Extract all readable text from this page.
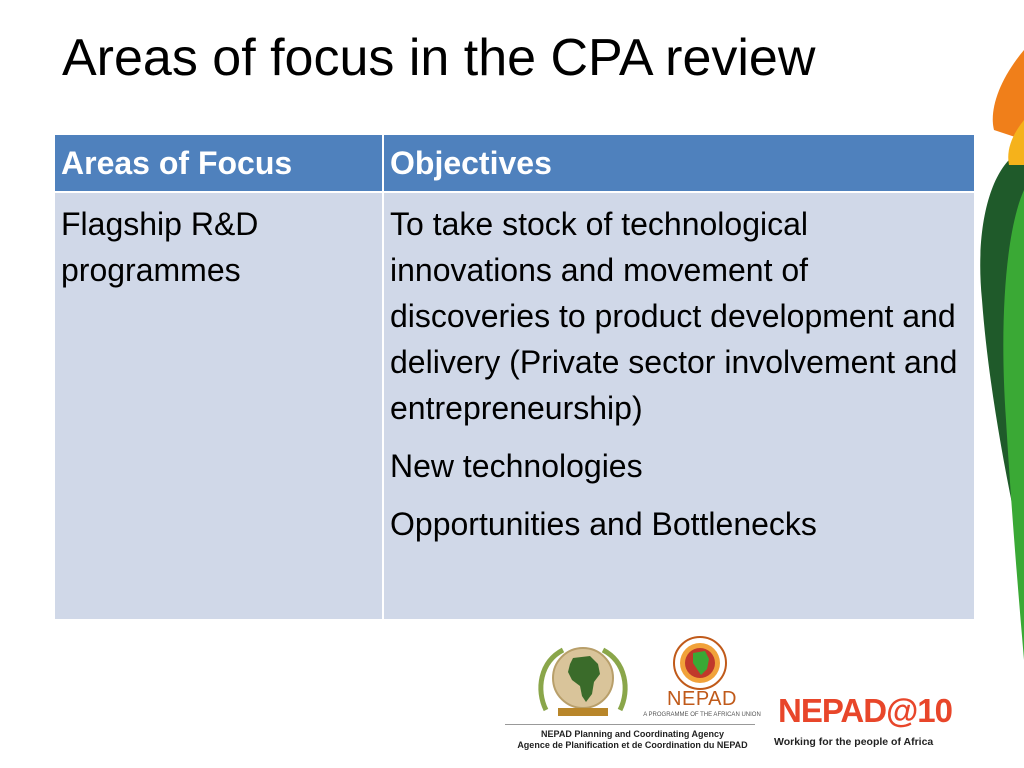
Areas of focus in the CPA review
Areas of Focus	Objectives
Flagship R&D programmes	To take stock of technological innovations and movement of discoveries to product development and delivery (Private sector involvement and entrepreneurship)

New technologies

Opportunities and Bottlenecks

NEPAD
A PROGRAMME OF THE AFRICAN UNION
NEPAD Planning and Coordinating Agency
Agence de Planification et de Coordination du NEPAD
NEPAD@10
Working for the people of Africa
